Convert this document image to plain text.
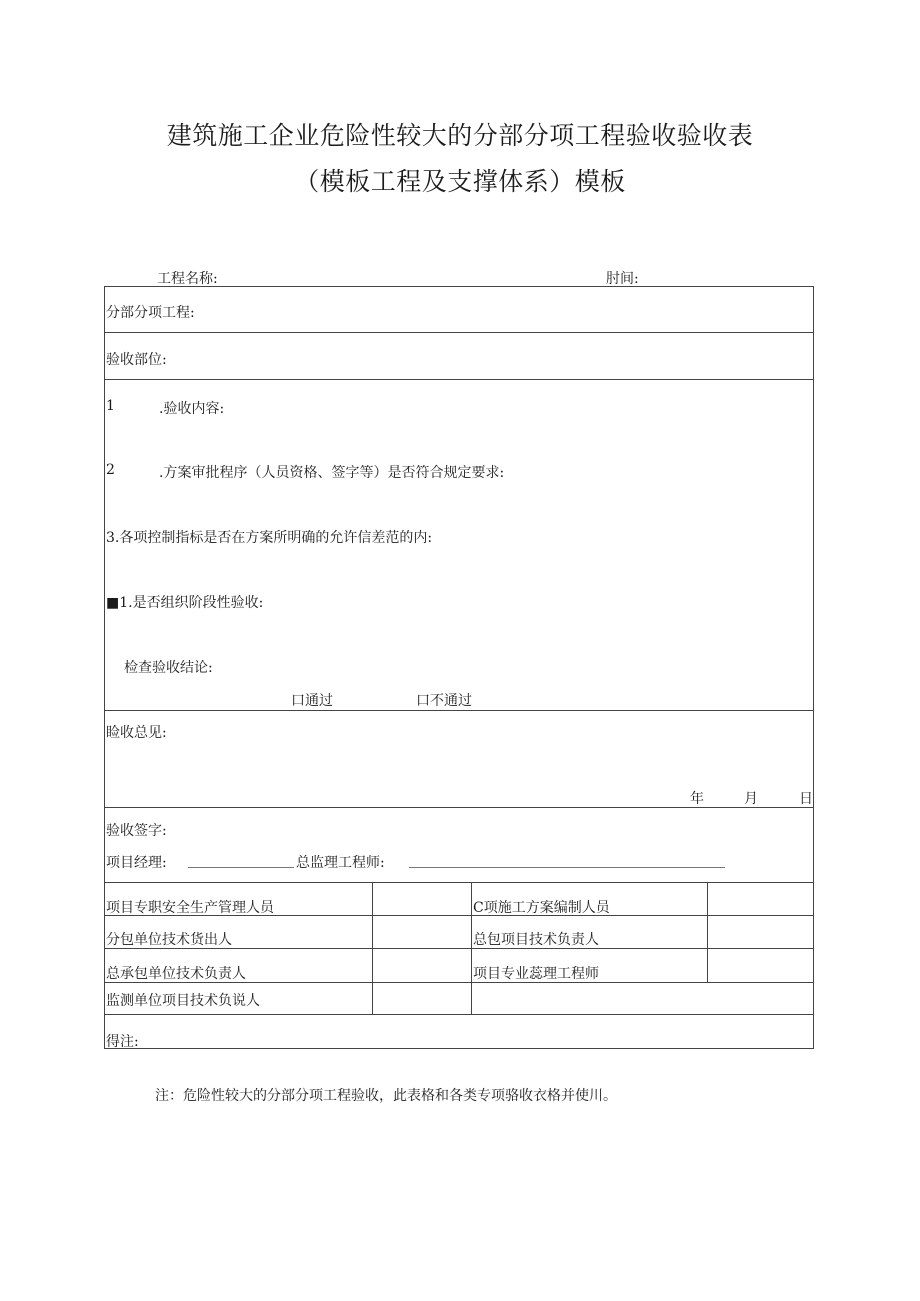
建筑施工企业危险性较大的分部分项工程验收验收表
（模板工程及支撑体系）模板
工程名称:	肘间:
分部分项工程:
验收部位:
1	.验收内容:
2	.方案审批程序（人员资格、签字等）是否符合规定要求:
3.各项控制指标是否在方案所明确的允许信差范的内:
■1.是否组织阶段性验收:
检查验收结论:
口通过	口不通过
睑收总见:
年	月	日
验收签字:
项目经理:	总监理工程师:
项目专职安全生产管理人员	C项施工方案编制人员
分包单位技术货出人	总包项目技术负责人
总承包单位技术负责人	项目专业蕊理工程师
监测单位项目技术负说人
得注:
注：危险性较大的分部分项工程验收，此表格和各类专项骆收衣格并使川。
